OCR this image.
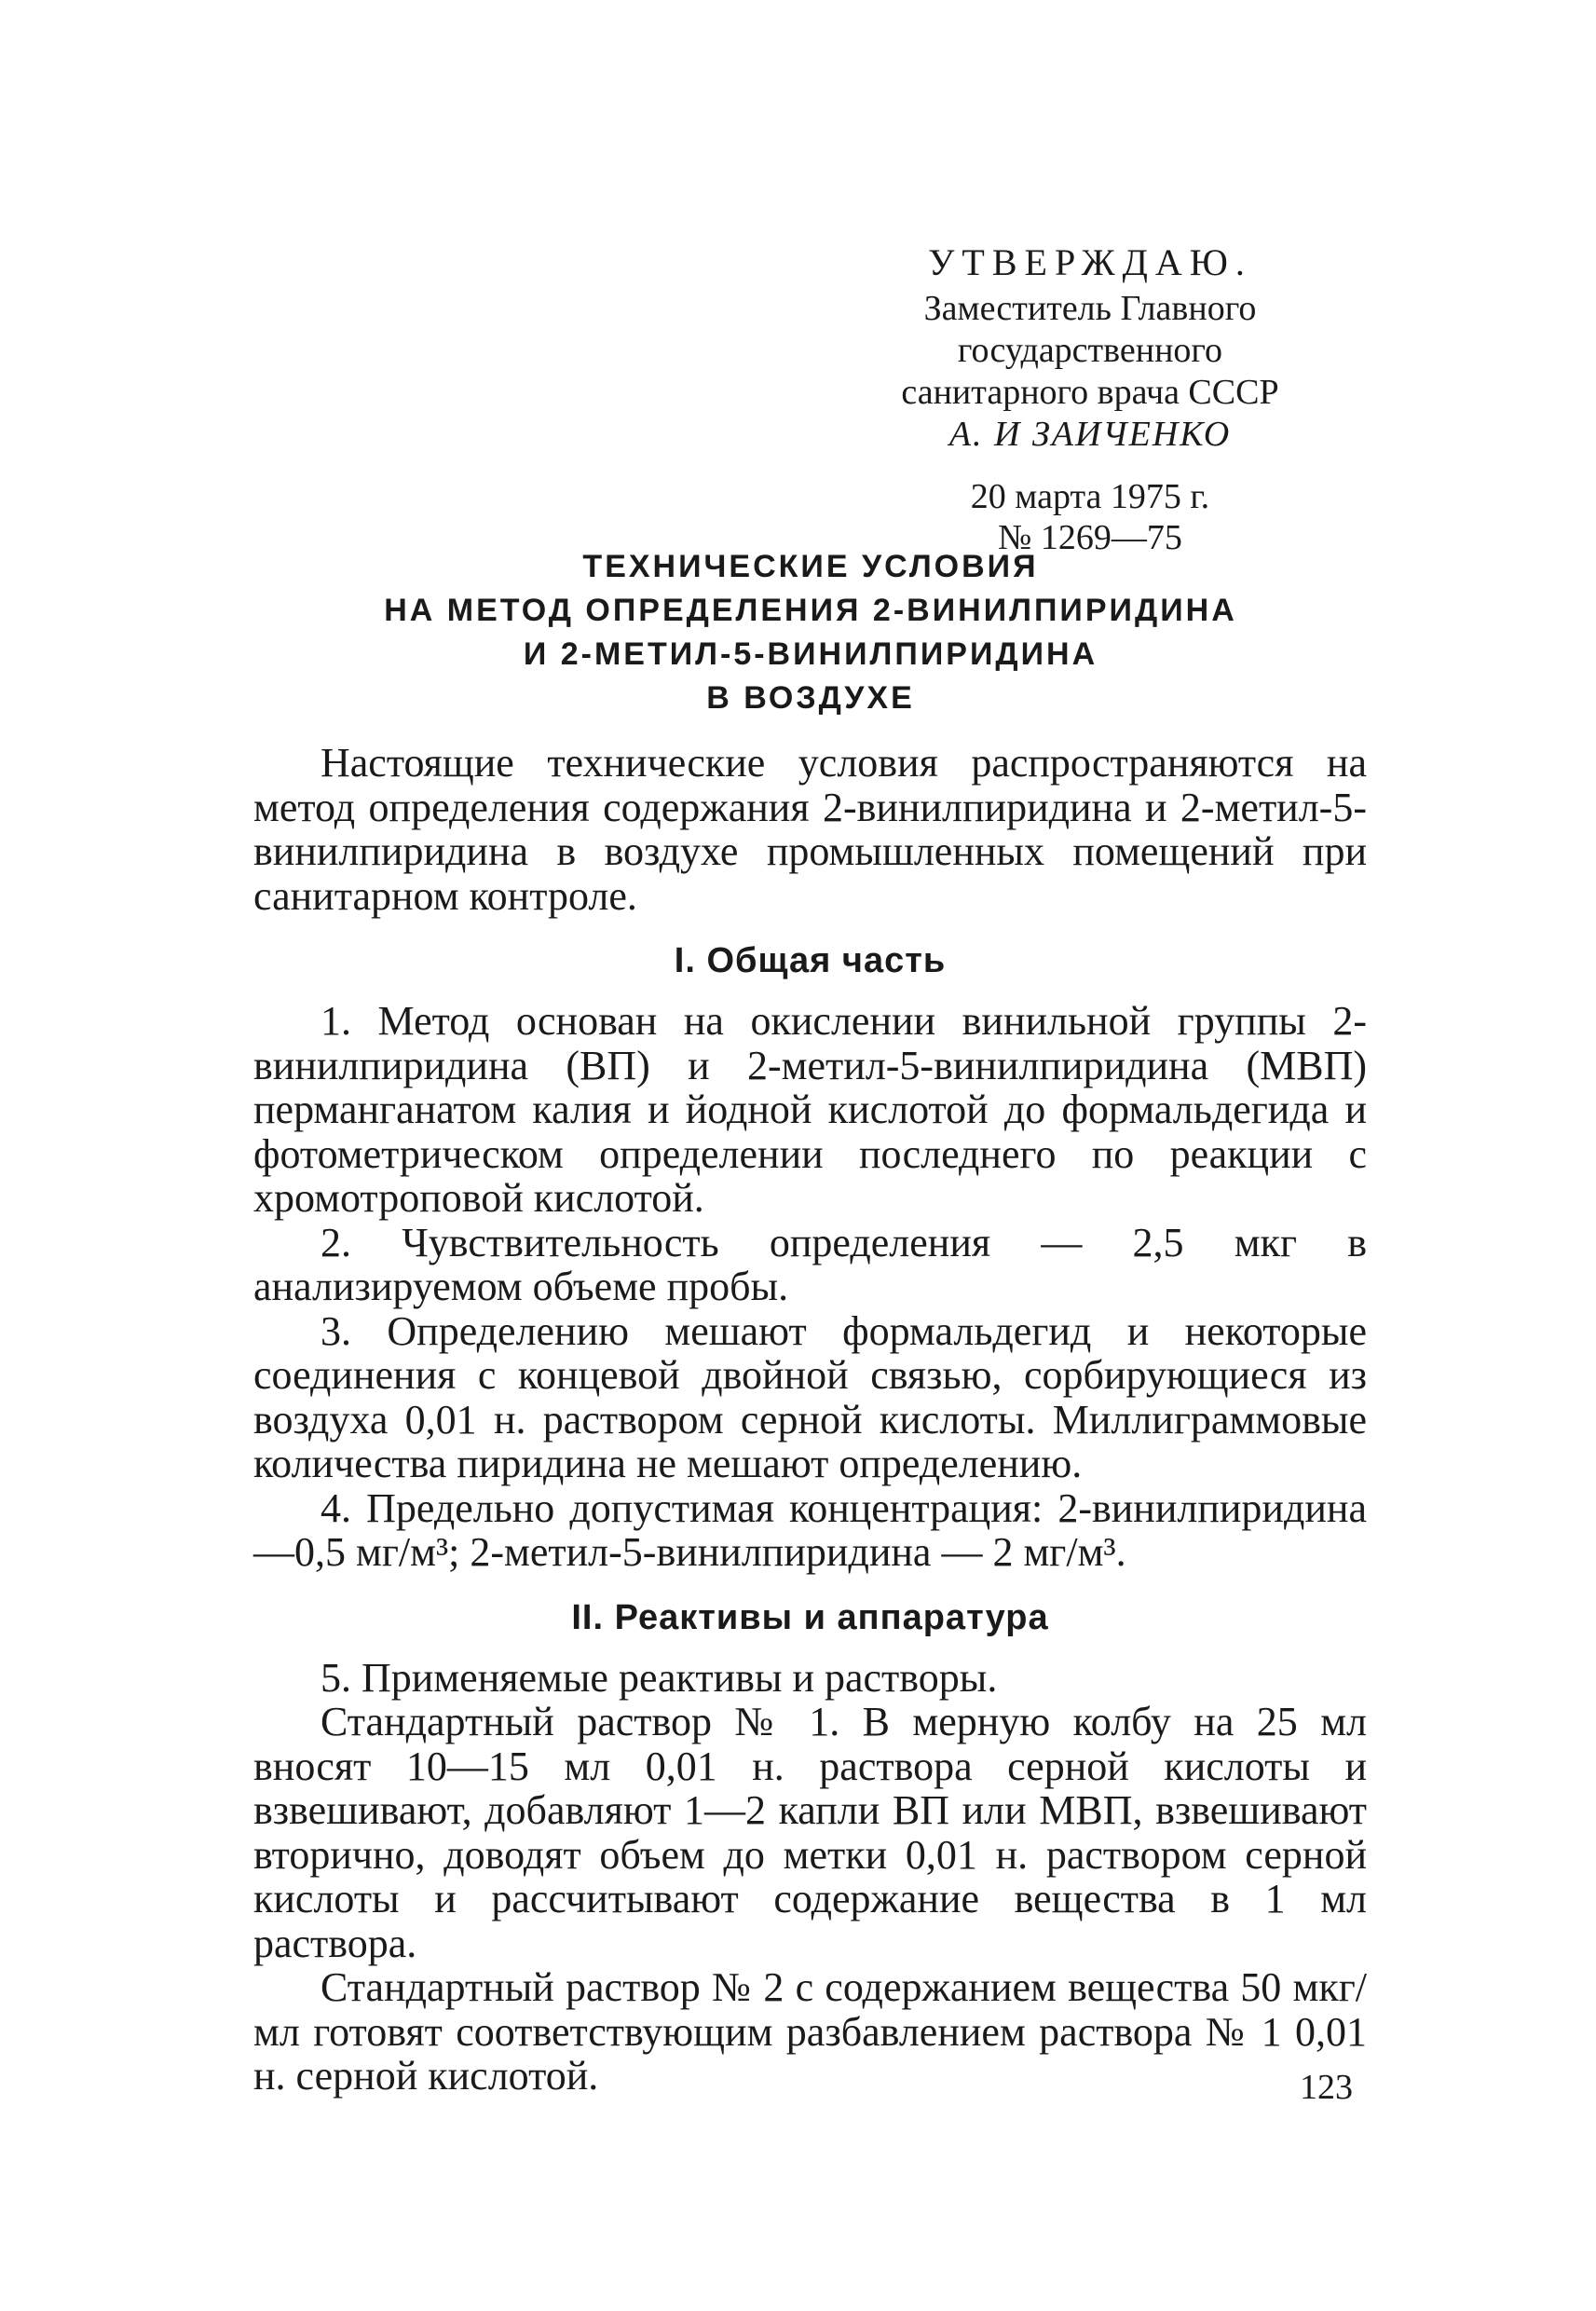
УТВЕРЖДАЮ.
Заместитель Главного
государственного
санитарного врача СССР
А. И ЗАИЧЕНКО
20 марта 1975 г.
№ 1269—75
ТЕХНИЧЕСКИЕ УСЛОВИЯ
НА МЕТОД ОПРЕДЕЛЕНИЯ 2-ВИНИЛПИРИДИНА
И 2-МЕТИЛ-5-ВИНИЛПИРИДИНА
В ВОЗДУХЕ

Настоящие технические условия распространяются на метод определения содержания 2-винилпиридина и 2-метил-5-винилпиридина в воздухе промышленных помещений при санитарном контроле.

I. Общая часть

1. Метод основан на окислении винильной группы 2-винилпиридина (ВП) и 2-метил-5-винилпиридина (МВП) перманганатом калия и йодной кислотой до формальдегида и фотометрическом определении последнего по реакции с хромотроповой кислотой.

2. Чувствительность определения — 2,5 мкг в анализируемом объеме пробы.

3. Определению мешают формальдегид и некоторые соединения с концевой двойной связью, сорбирующиеся из воздуха 0,01 н. раствором серной кислоты. Миллиграммовые количества пиридина не мешают определению.

4. Предельно допустимая концентрация: 2-винилпиридина—0,5 мг/м³; 2-метил-5-винилпиридина — 2 мг/м³.

II. Реактивы и аппаратура

5. Применяемые реактивы и растворы.

Стандартный раствор № 1. В мерную колбу на 25 мл вносят 10—15 мл 0,01 н. раствора серной кислоты и взвешивают, добавляют 1—2 капли ВП или МВП, взвешивают вторично, доводят объем до метки 0,01 н. раствором серной кислоты и рассчитывают содержание вещества в 1 мл раствора.

Стандартный раствор № 2 с содержанием вещества 50 мкг/мл готовят соответствующим разбавлением раствора № 1 0,01 н. серной кислотой.	123
